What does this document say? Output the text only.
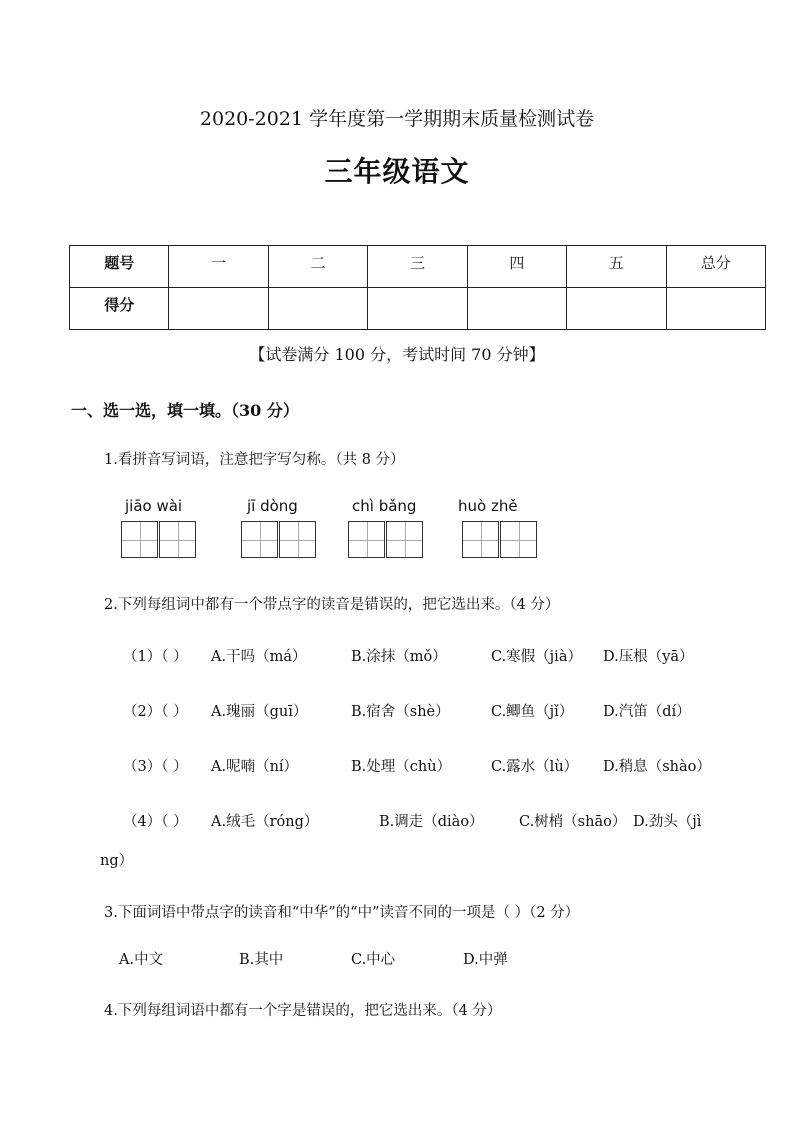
2020-2021 学年度第一学期期末质量检测试卷
三年级语文
题号	一	二	三	四	五	总分
得分						
【试卷满分 100 分，考试时间 70 分钟】
一、选一选，填一填。（30 分）
1.看拼音写词语，注意把字写匀称。（共 8 分）
jiāo wài	jī dòng	chì bǎng	huò zhě
2.下列每组词中都有一个带点字的读音是错误的，把它选出来。（4 分）
（1）（ ） A.干吗（má）	B.涂抹（mǒ）	C.寒假（jià） D.压根（yā）
（2）（ ） A.瑰丽（guī）	B.宿舍（shè）	C.鲫鱼（jǐ） D.汽笛（dí）
（3）（ ） A.呢喃（ní）	B.处理（chù）	C.露水（lù） D.稍息（shào）
（4）（ ） A.绒毛（róng）	B.调走（diào） C.树梢（shāo） D.劲头（jì
ng）
3.下面词语中带点字的读音和“中华”的“中”读音不同的一项是（ ）（2 分）
A.中文	B.其中	C.中心	D.中弹
4.下列每组词语中都有一个字是错误的，把它选出来。（4 分）
